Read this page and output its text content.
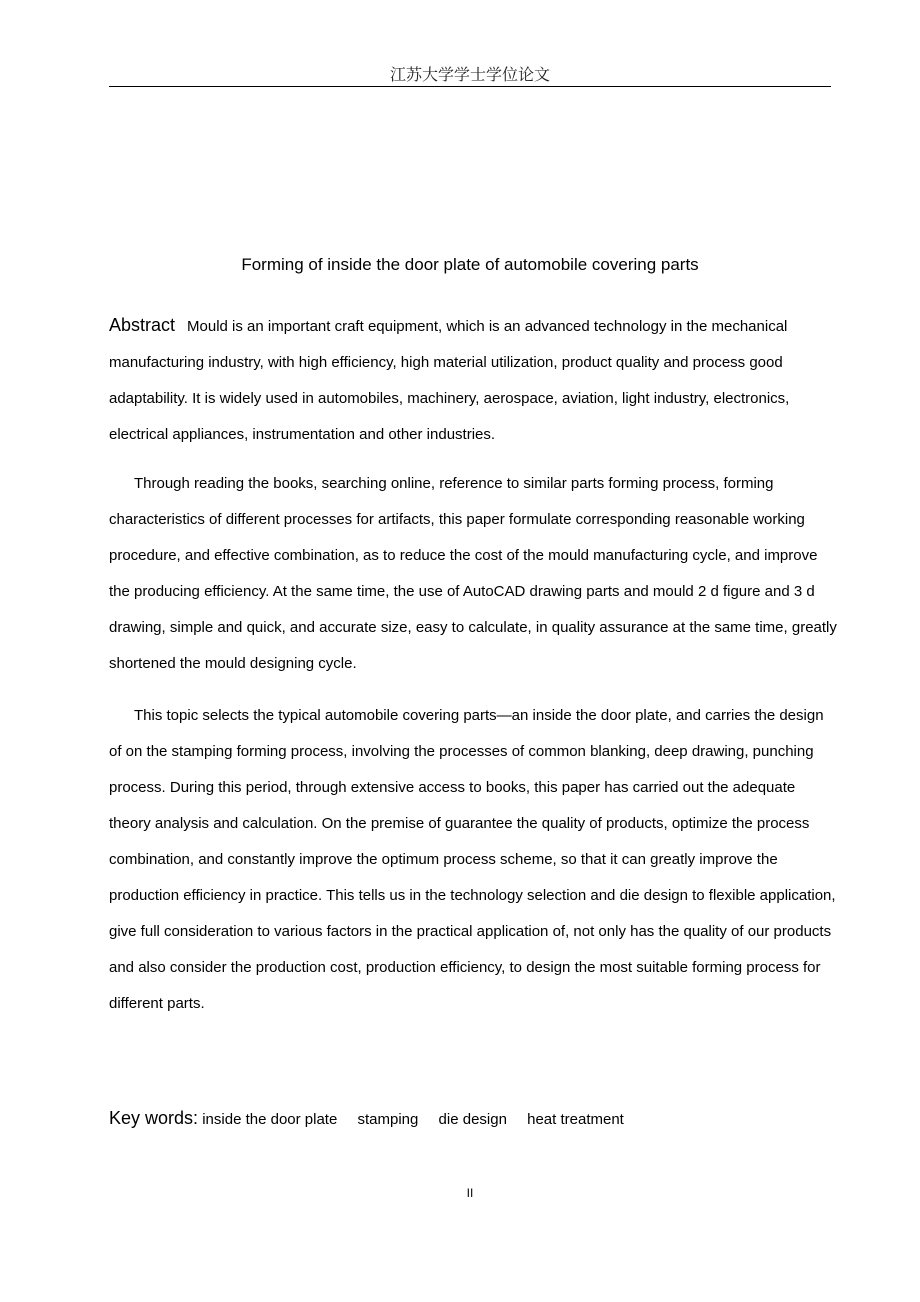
江苏大学学士学位论文
Forming of inside the door plate of automobile covering parts

Abstract Mould is an important craft equipment, which is an advanced technology in the mechanical manufacturing industry, with high efficiency, high material utilization, product quality and process good adaptability. It is widely used in automobiles, machinery, aerospace, aviation, light industry, electronics, electrical appliances, instrumentation and other industries.

Through reading the books, searching online, reference to similar parts forming process, forming characteristics of different processes for artifacts, this paper formulate corresponding reasonable working procedure, and effective combination, as to reduce the cost of the mould manufacturing cycle, and improve the producing efficiency. At the same time, the use of AutoCAD drawing parts and mould 2 d figure and 3 d drawing, simple and quick, and accurate size, easy to calculate, in quality assurance at the same time, greatly shortened the mould designing cycle.

This topic selects the typical automobile covering parts—an inside the door plate, and carries the design of on the stamping forming process, involving the processes of common blanking, deep drawing, punching process. During this period, through extensive access to books, this paper has carried out the adequate theory analysis and calculation. On the premise of guarantee the quality of products, optimize the process combination, and constantly improve the optimum process scheme, so that it can greatly improve the production efficiency in practice. This tells us in the technology selection and die design to flexible application, give full consideration to various factors in the practical application of, not only has the quality of our products and also consider the production cost, production efficiency, to design the most suitable forming process for different parts.

Key words: inside the door plate stamping die design heat treatment
II
